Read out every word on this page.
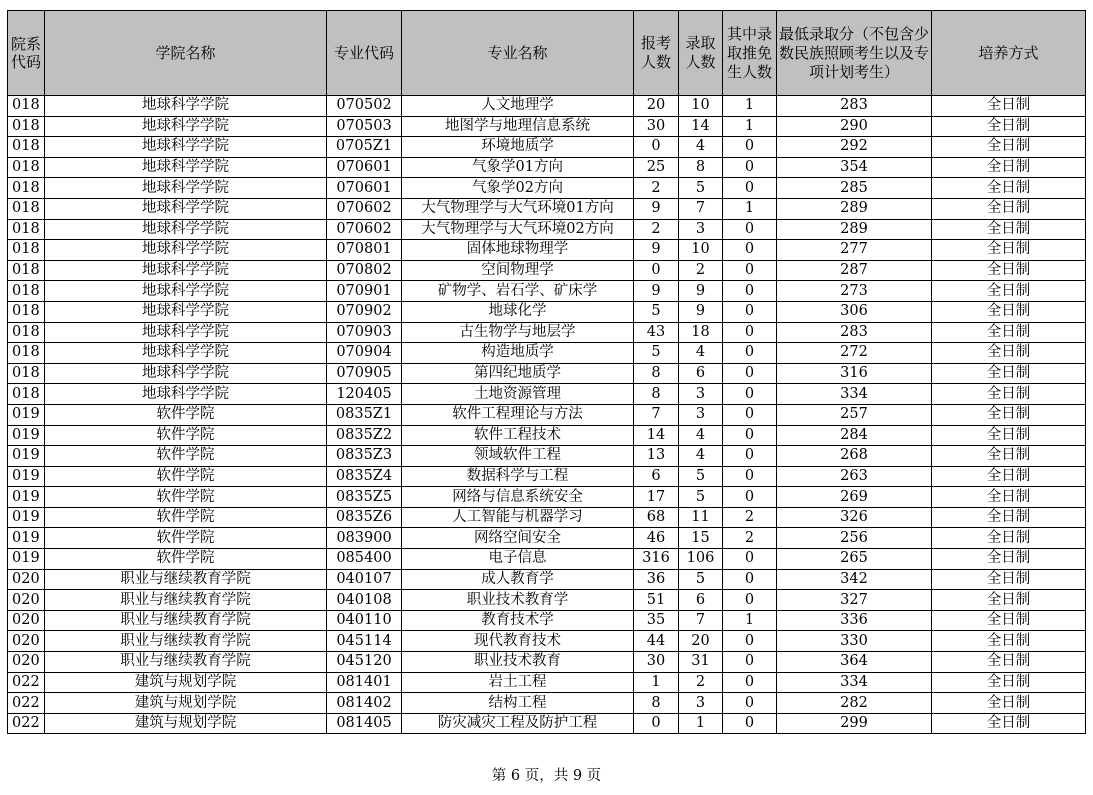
院系代码	学院名称	专业代码	专业名称	报考人数	录取人数	其中录取推免生人数	最低录取分（不包含少数民族照顾考生以及专项计划考生）	培养方式
018	地球科学学院	070502	人文地理学	20	10	1	283	全日制
018	地球科学学院	070503	地图学与地理信息系统	30	14	1	290	全日制
018	地球科学学院	0705Z1	环境地质学	0	4	0	292	全日制
018	地球科学学院	070601	气象学01方向	25	8	0	354	全日制
018	地球科学学院	070601	气象学02方向	2	5	0	285	全日制
018	地球科学学院	070602	大气物理学与大气环境01方向	9	7	1	289	全日制
018	地球科学学院	070602	大气物理学与大气环境02方向	2	3	0	289	全日制
018	地球科学学院	070801	固体地球物理学	9	10	0	277	全日制
018	地球科学学院	070802	空间物理学	0	2	0	287	全日制
018	地球科学学院	070901	矿物学、岩石学、矿床学	9	9	0	273	全日制
018	地球科学学院	070902	地球化学	5	9	0	306	全日制
018	地球科学学院	070903	古生物学与地层学	43	18	0	283	全日制
018	地球科学学院	070904	构造地质学	5	4	0	272	全日制
018	地球科学学院	070905	第四纪地质学	8	6	0	316	全日制
018	地球科学学院	120405	土地资源管理	8	3	0	334	全日制
019	软件学院	0835Z1	软件工程理论与方法	7	3	0	257	全日制
019	软件学院	0835Z2	软件工程技术	14	4	0	284	全日制
019	软件学院	0835Z3	领域软件工程	13	4	0	268	全日制
019	软件学院	0835Z4	数据科学与工程	6	5	0	263	全日制
019	软件学院	0835Z5	网络与信息系统安全	17	5	0	269	全日制
019	软件学院	0835Z6	人工智能与机器学习	68	11	2	326	全日制
019	软件学院	083900	网络空间安全	46	15	2	256	全日制
019	软件学院	085400	电子信息	316	106	0	265	全日制
020	职业与继续教育学院	040107	成人教育学	36	5	0	342	全日制
020	职业与继续教育学院	040108	职业技术教育学	51	6	0	327	全日制
020	职业与继续教育学院	040110	教育技术学	35	7	1	336	全日制
020	职业与继续教育学院	045114	现代教育技术	44	20	0	330	全日制
020	职业与继续教育学院	045120	职业技术教育	30	31	0	364	全日制
022	建筑与规划学院	081401	岩土工程	1	2	0	334	全日制
022	建筑与规划学院	081402	结构工程	8	3	0	282	全日制
022	建筑与规划学院	081405	防灾减灾工程及防护工程	0	1	0	299	全日制
第 6 页，共 9 页
